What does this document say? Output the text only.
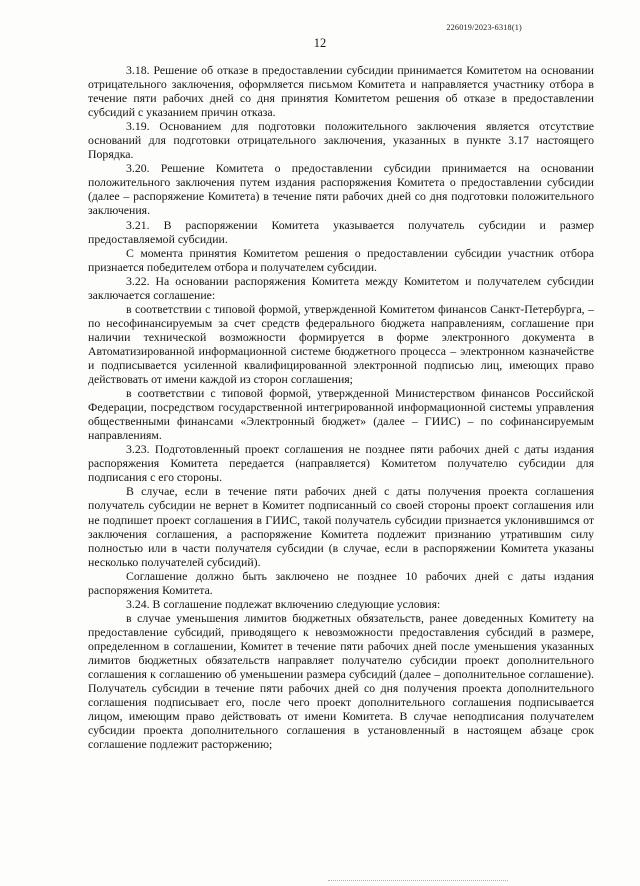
226019/2023-6318(1)
12

3.18. Решение об отказе в предоставлении субсидии принимается Комитетом на основании отрицательного заключения, оформляется письмом Комитета и направляется участнику отбора в течение пяти рабочих дней со дня принятия Комитетом решения об отказе в предоставлении субсидий с указанием причин отказа.

3.19. Основанием для подготовки положительного заключения является отсутствие оснований для подготовки отрицательного заключения, указанных в пункте 3.17 настоящего Порядка.

3.20. Решение Комитета о предоставлении субсидии принимается на основании положительного заключения путем издания распоряжения Комитета о предоставлении субсидии (далее – распоряжение Комитета) в течение пяти рабочих дней со дня подготовки положительного заключения.

3.21. В распоряжении Комитета указывается получатель субсидии и размер предоставляемой субсидии.

С момента принятия Комитетом решения о предоставлении субсидии участник отбора признается победителем отбора и получателем субсидии.

3.22. На основании распоряжения Комитета между Комитетом и получателем субсидии заключается соглашение:

в соответствии с типовой формой, утвержденной Комитетом финансов Санкт-Петербурга, – по несофинансируемым за счет средств федерального бюджета направлениям, соглашение при наличии технической возможности формируется в форме электронного документа в Автоматизированной информационной системе бюджетного процесса – электронном казначействе и подписывается усиленной квалифицированной электронной подписью лиц, имеющих право действовать от имени каждой из сторон соглашения;

в соответствии с типовой формой, утвержденной Министерством финансов Российской Федерации, посредством государственной интегрированной информационной системы управления общественными финансами «Электронный бюджет» (далее – ГИИС) – по софинансируемым направлениям.

3.23. Подготовленный проект соглашения не позднее пяти рабочих дней с даты издания распоряжения Комитета передается (направляется) Комитетом получателю субсидии для подписания с его стороны.

В случае, если в течение пяти рабочих дней с даты получения проекта соглашения получатель субсидии не вернет в Комитет подписанный со своей стороны проект соглашения или не подпишет проект соглашения в ГИИС, такой получатель субсидии признается уклонившимся от заключения соглашения, а распоряжение Комитета подлежит признанию утратившим силу полностью или в части получателя субсидии (в случае, если в распоряжении Комитета указаны несколько получателей субсидий).

Соглашение должно быть заключено не позднее 10 рабочих дней с даты издания распоряжения Комитета.

3.24. В соглашение подлежат включению следующие условия:

в случае уменьшения лимитов бюджетных обязательств, ранее доведенных Комитету на предоставление субсидий, приводящего к невозможности предоставления субсидий в размере, определенном в соглашении, Комитет в течение пяти рабочих дней после уменьшения указанных лимитов бюджетных обязательств направляет получателю субсидии проект дополнительного соглашения к соглашению об уменьшении размера субсидий (далее – дополнительное соглашение). Получатель субсидии в течение пяти рабочих дней со дня получения проекта дополнительного соглашения подписывает его, после чего проект дополнительного соглашения подписывается лицом, имеющим право действовать от имени Комитета. В случае неподписания получателем субсидии проекта дополнительного соглашения в установленный в настоящем абзаце срок соглашение подлежит расторжению;
